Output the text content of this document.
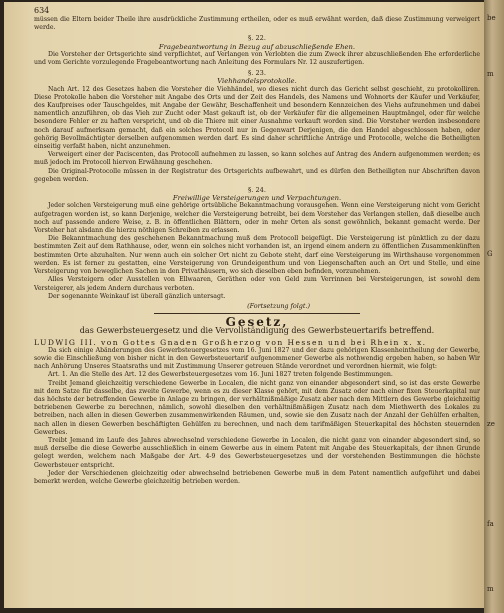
634

müssen die Eltern beider Theile ihre ausdrückliche Zustimmung ertheilen, oder es muß erwähnt werden, daß diese Zustimmung verweigert werde.

§. 22.
Fragebeantwortung in Bezug auf abzuschließende Ehen.

Die Vorsteher der Ortsgerichte sind verpflichtet, auf Verlangen von Verlobten die zum Zweck ihrer abzuschließenden Ehe erforderliche und vom Gerichte vorzulegende Fragebeantwortung nach Anleitung des Formulars Nr. 12 auszufertigen.

§. 23.
Viehhandelsprotokolle.

Nach Art. 12 des Gesetzes haben die Vorsteher die Viehhändel, wo dieses nicht durch das Gericht selbst geschieht, zu protokolliren. Diese Protokolle haben die Vorsteher mit Angabe des Orts und der Zeit des Handels, des Namens und Wohnorts der Käufer und Verkäufer, des Kaufpreises oder Tauschgeldes, mit Angabe der Gewähr, Beschaffenheit und besondern Kennzeichen des Viehs aufzunehmen und dabei namentlich anzuführen, ob das Vieh zur Zucht oder Mast gekauft ist, ob der Verkäufer für die allgemeinen Hauptmängel, oder für welche besondere Fehler er zu haften verspricht, und ob die Thiere mit einer Ausnahme verkauft worden sind. Die Vorsteher werden insbesondere noch darauf aufmerksam gemacht, daß ein solches Protocoll nur in Gegenwart Derjenigen, die den Handel abgeschlossen haben, oder gehörig Bevollmächtigter derselben aufgenommen werden darf. Es sind daher schriftliche Anträge und Protocolle, welche die Betheiligten einseitig verfaßt haben, nicht anzunehmen.

Verweigert einer der Paciscenten, das Protocoll aufnehmen zu lassen, so kann solches auf Antrag des Andern aufgenommen werden; es muß jedoch im Protocoll hiervon Erwähnung geschehen.

Die Original-Protocolle müssen in der Registratur des Ortsgerichts aufbewahrt, und es dürfen den Betheiligten nur Abschriften davon gegeben werden.

§. 24.
Freiwillige Versteigerungen und Verpachtungen.

Jeder solchen Versteigerung muß eine gehörige ortsübliche Bekanntmachung vorausgehen. Wenn eine Versteigerung nicht vom Gericht aufgetragen worden ist, so kann Derjenige, welcher die Versteigerung betreibt, bei dem Vorsteher das Verlangen stellen, daß dieselbe auch noch auf passende andere Weise, z. B. in öffentlichen Blättern, oder in mehr Orten als sonst gewöhnlich, bekannt gemacht werde. Der Vorsteher hat alsdann die hierzu nöthigen Schreiben zu erlassen.

Die Bekanntmachung des geschehenen Bekanntmachung muß dem Protocoll beigefügt. Die Versteigerung ist pünktlich zu der dazu bestimmten Zeit auf dem Rathhause, oder, wenn ein solches nicht vorhanden ist, an irgend einem andern zu öffentlichen Zusammenkünften bestimmten Orte abzuhalten. Nur wenn auch ein solcher Ort nicht zu Gebote steht, darf eine Versteigerung im Wirthshause vorgenommen werden. Es ist ferner zu gestatten, eine Versteigerung von Grundeigenthum und von Liegenschaften auch an Ort und Stelle, und eine Versteigerung von beweglichen Sachen in den Privathäusern, wo sich dieselben eben befinden, vorzunehmen.

Alles Versteigern oder Ausstellen von Ellwaaren, Geräthen oder von Geld zum Verrinnen bei Versteigerungen, ist sowohl dem Versteigerer, als jedem Andern durchaus verboten.

Der sogenannte Weinkauf ist überall gänzlich untersagt.

(Fortsetzung folgt.)
Gesetz,
das Gewerbsteuergesetz und die Vervollständigung des Gewerbsteuertarifs betreffend.

LUDWIG III. von Gottes Gnaden Großherzog von Hessen und bei Rhein x. x.

Da sich einige Abänderungen des Gewerbsteuergesetzes vom 16. Juni 1827 und der dazu gehörigen Klassenheintheilung der Gewerbe, sowie die Einschließung von bisher nicht in den Gewerbsteuertarif aufgenommener Gewerbe als nothwendig ergeben haben, so haben Wir nach Anhörung Unseres Staatsraths und mit Zustimmung Unserer getreuen Stände verordnet und verordnen hiermit, wie folgt:

Art. 1. An die Stelle des Art. 12 des Gewerbsteuergesetzes vom 16. Juni 1827 treten folgende Bestimmungen.

Treibt Jemand gleichzeitig verschiedene Gewerbe in Localen, die nicht ganz von einander abgesondert sind, so ist das erste Gewerbe mit dem Satze für dasselbe, das zweite Gewerbe, wenn es zu dieser Klasse gehört, mit dem Zusatz oder nach einer fixen Steuerkapital nur das höchste der betreffenden Gewerbe in Anlage zu bringen, der verhältnißmäßige Zusatz aber nach dem Mittlern des Gewerbe gleichzeitig betriebenen Gewerbe zu berechnen, nämlich, sowohl dieselben den verhältnißmäßigen Zusatz nach dem Miethwerth des Lokales zu betreiben, nach allen in diesen Gewerben zusammenwirkenden Räumen, und, sowie sie den Zusatz nach der Anzahl der Gehülfen erhalten, nach allen in diesen Gewerben beschäftigten Gehülfen zu berechnen, und nach dem tarifmäßigen Steuerkapital des höchsten steuernden Gewerbes.

Treibt Jemand im Laufe des Jahres abwechselnd verschiedene Gewerbe in Localen, die nicht ganz von einander abgesondert sind, so muß derselbe die diese Gewerbe ausschließlich in einem Gewerbe aus in einem Patent mit Angabe des Steuerkapitals, der ihnen Grunde gelegt werden, welchem nach Maßgabe der Art. 4-9 des Gewerbsteuergesetzes und der vorstehenden Bestimmungen die höchste Gewerbsteuer entspricht.

Jeder der Verschiedenen gleichzeitig oder abwechselnd betriebenen Gewerbe muß in dem Patent namentlich aufgeführt und dabei bemerkt werden, welche Gewerbe gleichzeitig betrieben werden.

be
m
G
ze
fa
m
